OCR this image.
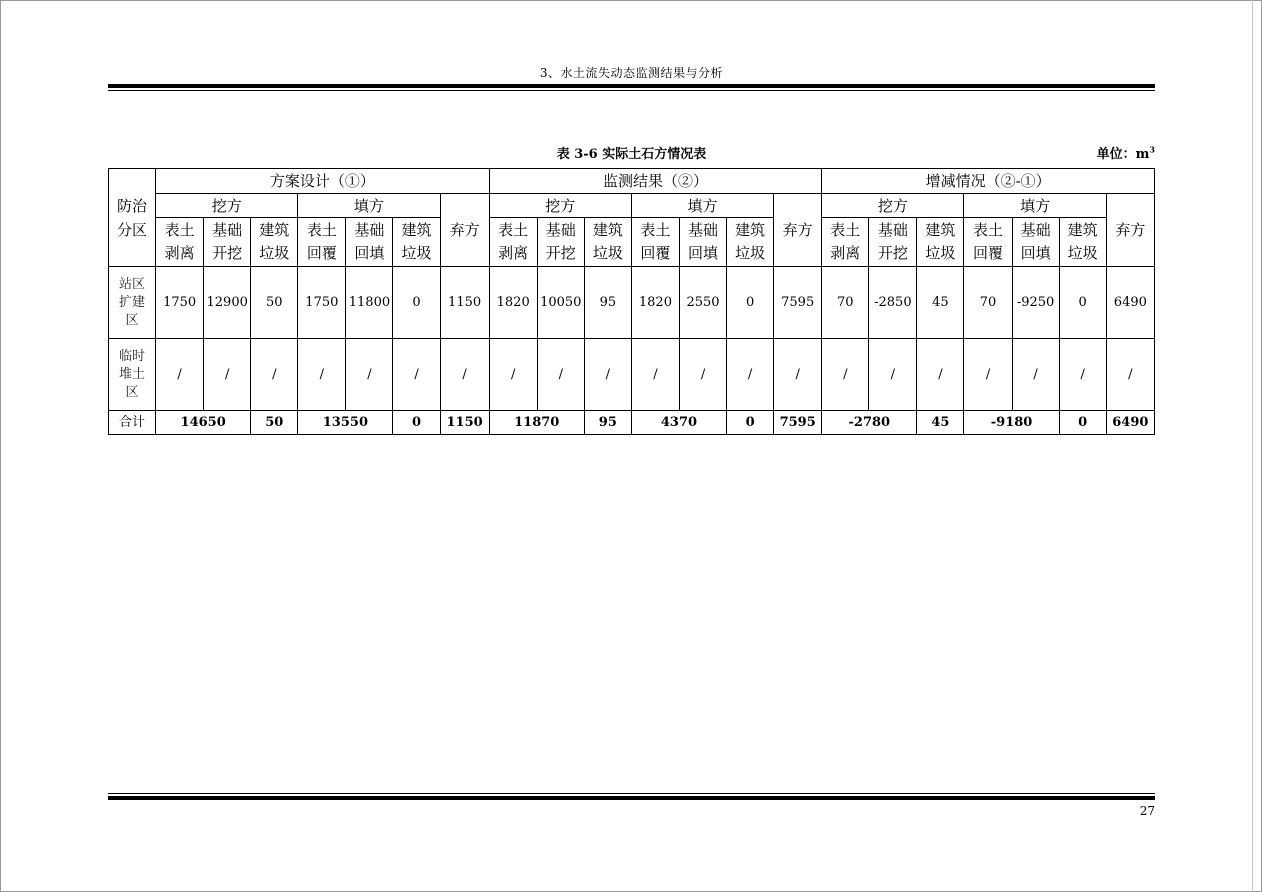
3、水土流失动态监测结果与分析
表 3-6 实际土石方情况表	单位：$m^3$
防治分区	方案设计（①）							监测结果（②）							增减情况（②-①）						
	挖方			填方			弃方	挖方			填方			弃方	挖方			填方			弃方

	表土剥离	基础开挖	建筑垃圾	表土回覆	基础回填	建筑垃圾		表土剥离	基础开挖	建筑垃圾	表土回覆	基础回填	建筑垃圾		表土剥离	基础开挖	建筑垃圾	表土回覆	基础回填	建筑垃圾	

站区扩建区	1750	12900	50	1750	11800	0	1150	1820	10050	95	1820	2550	0	7595	70	-2850	45	70	-9250	0	6490

临时堆土区	/	/	/	/	/	/	/	/	/	/	/	/	/	/	/	/	/	/	/	/	/
合计	14650		50	13550		0	1150	11870		95	4370		0	7595	-2780		45	-9180		0	6490
27
